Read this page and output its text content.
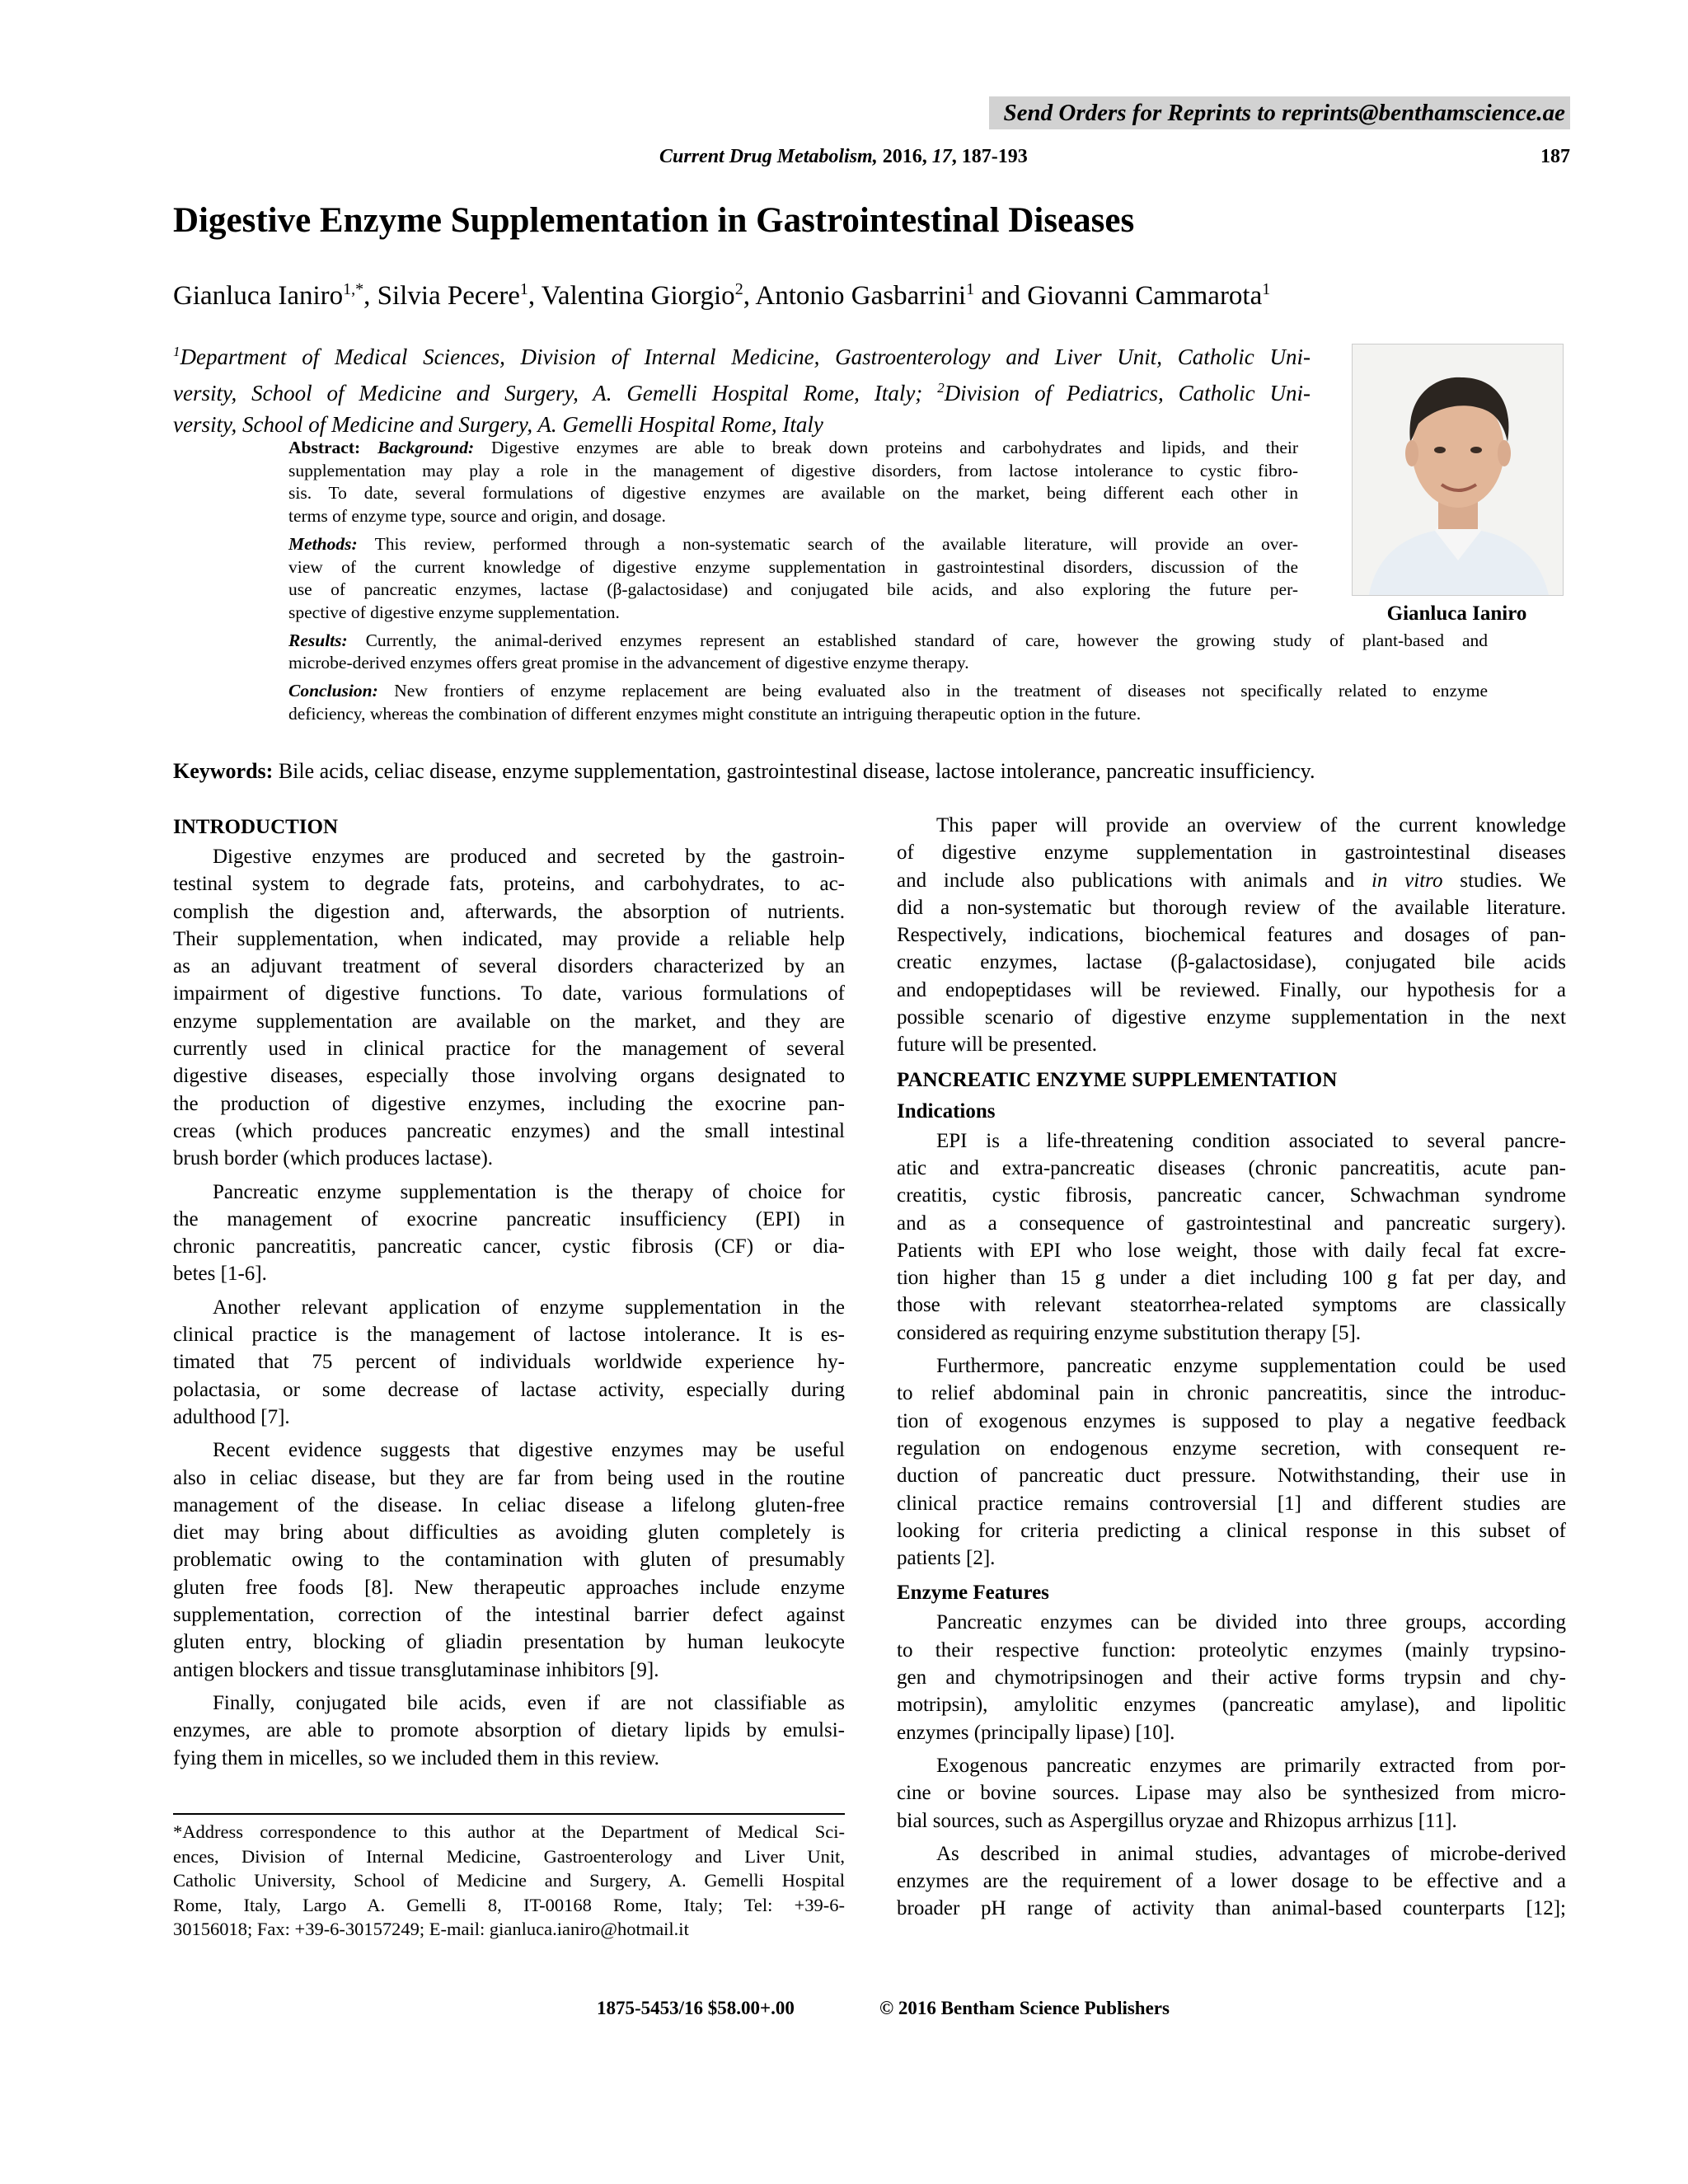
Send Orders for Reprints to reprints@benthamscience.ae
Current Drug Metabolism, 2016, 17, 187-193	187
Digestive Enzyme Supplementation in Gastrointestinal Diseases
Gianluca Ianiro$^{1,*}$, Silvia Pecere$^1$, Valentina Giorgio$^2$, Antonio Gasbarrini$^1$ and Giovanni Cammarota$^1$
$^1$Department of Medical Sciences, Division of Internal Medicine, Gastroenterology and Liver Unit, Catholic Uni-
versity, School of Medicine and Surgery, A. Gemelli Hospital Rome, Italy; $^2$Division of Pediatrics, Catholic Uni-
versity, School of Medicine and Surgery, A. Gemelli Hospital Rome, Italy
Gianluca Ianiro
Abstract: Background: Digestive enzymes are able to break down proteins and carbohydrates and lipids, and their
supplementation may play a role in the management of digestive disorders, from lactose intolerance to cystic fibro-
sis. To date, several formulations of digestive enzymes are available on the market, being different each other in
terms of enzyme type, source and origin, and dosage.
Methods: This review, performed through a non-systematic search of the available literature, will provide an over-
view of the current knowledge of digestive enzyme supplementation in gastrointestinal disorders, discussion of the
use of pancreatic enzymes, lactase (β-galactosidase) and conjugated bile acids, and also exploring the future per-
spective of digestive enzyme supplementation.
Results: Currently, the animal-derived enzymes represent an established standard of care, however the growing study of plant-based and
microbe-derived enzymes offers great promise in the advancement of digestive enzyme therapy.
Conclusion: New frontiers of enzyme replacement are being evaluated also in the treatment of diseases not specifically related to enzyme
deficiency, whereas the combination of different enzymes might constitute an intriguing therapeutic option in the future.
Keywords: Bile acids, celiac disease, enzyme supplementation, gastrointestinal disease, lactose intolerance, pancreatic insufficiency.
INTRODUCTION
Digestive enzymes are produced and secreted by the gastroin-
testinal system to degrade fats, proteins, and carbohydrates, to ac-
complish the digestion and, afterwards, the absorption of nutrients.
Their supplementation, when indicated, may provide a reliable help
as an adjuvant treatment of several disorders characterized by an
impairment of digestive functions. To date, various formulations of
enzyme supplementation are available on the market, and they are
currently used in clinical practice for the management of several
digestive diseases, especially those involving organs designated to
the production of digestive enzymes, including the exocrine pan-
creas (which produces pancreatic enzymes) and the small intestinal
brush border (which produces lactase).
Pancreatic enzyme supplementation is the therapy of choice for
the management of exocrine pancreatic insufficiency (EPI) in
chronic pancreatitis, pancreatic cancer, cystic fibrosis (CF) or dia-
betes [1-6].
Another relevant application of enzyme supplementation in the
clinical practice is the management of lactose intolerance. It is es-
timated that 75 percent of individuals worldwide experience hy-
polactasia, or some decrease of lactase activity, especially during
adulthood [7].
Recent evidence suggests that digestive enzymes may be useful
also in celiac disease, but they are far from being used in the routine
management of the disease. In celiac disease a lifelong gluten-free
diet may bring about difficulties as avoiding gluten completely is
problematic owing to the contamination with gluten of presumably
gluten free foods [8]. New therapeutic approaches include enzyme
supplementation, correction of the intestinal barrier defect against
gluten entry, blocking of gliadin presentation by human leukocyte
antigen blockers and tissue transglutaminase inhibitors [9].
Finally, conjugated bile acids, even if are not classifiable as
enzymes, are able to promote absorption of dietary lipids by emulsi-
fying them in micelles, so we included them in this review.
This paper will provide an overview of the current knowledge
of digestive enzyme supplementation in gastrointestinal diseases
and include also publications with animals and in vitro studies. We
did a non-systematic but thorough review of the available literature.
Respectively, indications, biochemical features and dosages of pan-
creatic enzymes, lactase (β-galactosidase), conjugated bile acids
and endopeptidases will be reviewed. Finally, our hypothesis for a
possible scenario of digestive enzyme supplementation in the next
future will be presented.
PANCREATIC ENZYME SUPPLEMENTATION
Indications
EPI is a life-threatening condition associated to several pancre-
atic and extra-pancreatic diseases (chronic pancreatitis, acute pan-
creatitis, cystic fibrosis, pancreatic cancer, Schwachman syndrome
and as a consequence of gastrointestinal and pancreatic surgery).
Patients with EPI who lose weight, those with daily fecal fat excre-
tion higher than 15 g under a diet including 100 g fat per day, and
those with relevant steatorrhea-related symptoms are classically
considered as requiring enzyme substitution therapy [5].
Furthermore, pancreatic enzyme supplementation could be used
to relief abdominal pain in chronic pancreatitis, since the introduc-
tion of exogenous enzymes is supposed to play a negative feedback
regulation on endogenous enzyme secretion, with consequent re-
duction of pancreatic duct pressure. Notwithstanding, their use in
clinical practice remains controversial [1] and different studies are
looking for criteria predicting a clinical response in this subset of
patients [2].
Enzyme Features
Pancreatic enzymes can be divided into three groups, according
to their respective function: proteolytic enzymes (mainly trypsino-
gen and chymotripsinogen and their active forms trypsin and chy-
motripsin), amylolitic enzymes (pancreatic amylase), and lipolitic
enzymes (principally lipase) [10].
Exogenous pancreatic enzymes are primarily extracted from por-
cine or bovine sources. Lipase may also be synthesized from micro-
bial sources, such as Aspergillus oryzae and Rhizopus arrhizus [11].
As described in animal studies, advantages of microbe-derived
enzymes are the requirement of a lower dosage to be effective and a
broader pH range of activity than animal-based counterparts [12];
*Address correspondence to this author at the Department of Medical Sci-
ences, Division of Internal Medicine, Gastroenterology and Liver Unit,
Catholic University, School of Medicine and Surgery, A. Gemelli Hospital
Rome, Italy, Largo A. Gemelli 8, IT-00168 Rome, Italy; Tel: +39-6-
30156018; Fax: +39-6-30157249; E-mail: gianluca.ianiro@hotmail.it
1875-5453/16 $58.00+.00	© 2016 Bentham Science Publishers
